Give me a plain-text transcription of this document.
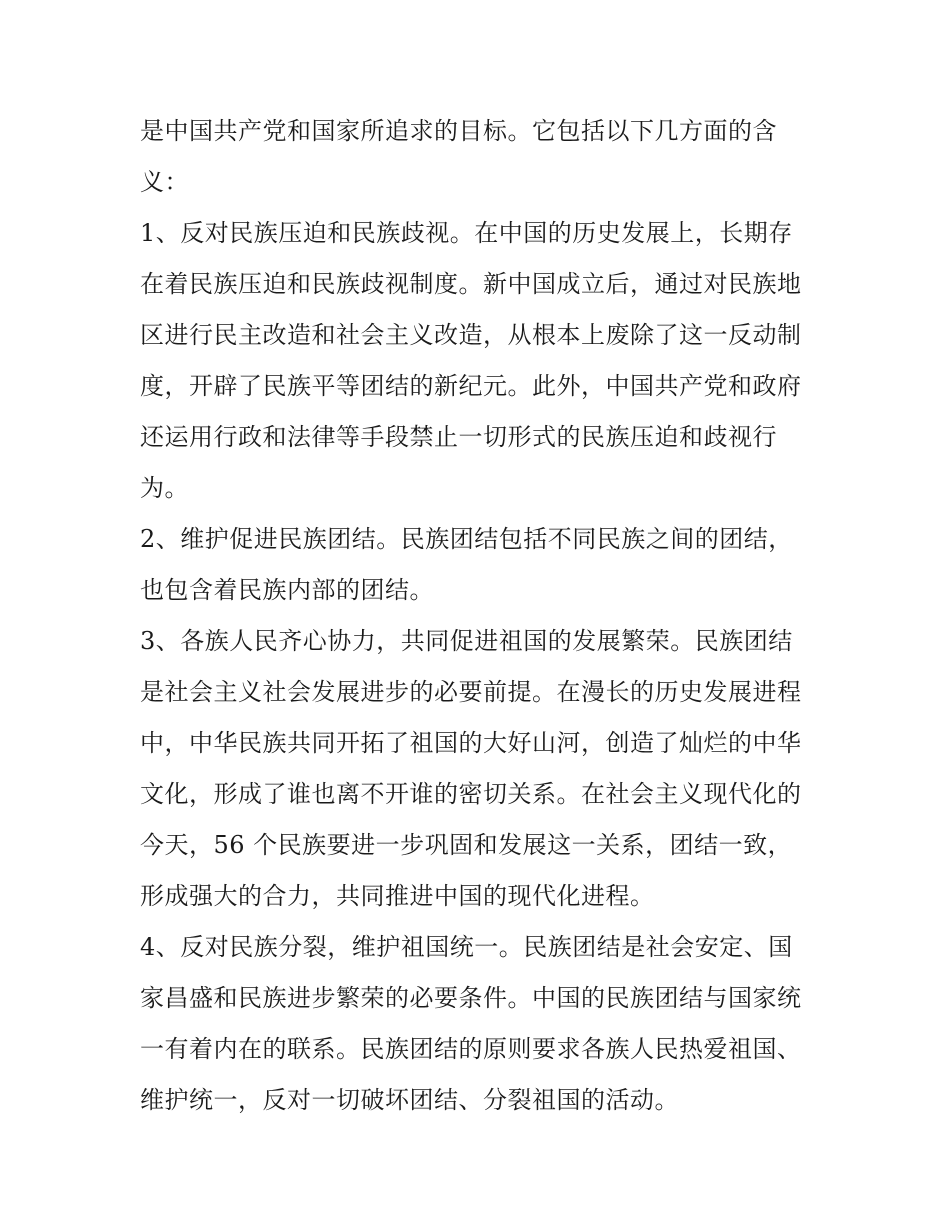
是中国共产党和国家所追求的目标。它包括以下几方面的含
义：
1、反对民族压迫和民族歧视。在中国的历史发展上，长期存
在着民族压迫和民族歧视制度。新中国成立后，通过对民族地
区进行民主改造和社会主义改造，从根本上废除了这一反动制
度，开辟了民族平等团结的新纪元。此外，中国共产党和政府
还运用行政和法律等手段禁止一切形式的民族压迫和歧视行
为。
2、维护促进民族团结。民族团结包括不同民族之间的团结，
也包含着民族内部的团结。
3、各族人民齐心协力，共同促进祖国的发展繁荣。民族团结
是社会主义社会发展进步的必要前提。在漫长的历史发展进程
中，中华民族共同开拓了祖国的大好山河，创造了灿烂的中华
文化，形成了谁也离不开谁的密切关系。在社会主义现代化的
今天，56 个民族要进一步巩固和发展这一关系，团结一致，
形成强大的合力，共同推进中国的现代化进程。
4、反对民族分裂，维护祖国统一。民族团结是社会安定、国
家昌盛和民族进步繁荣的必要条件。中国的民族团结与国家统
一有着内在的联系。民族团结的原则要求各族人民热爱祖国、
维护统一，反对一切破坏团结、分裂祖国的活动。
